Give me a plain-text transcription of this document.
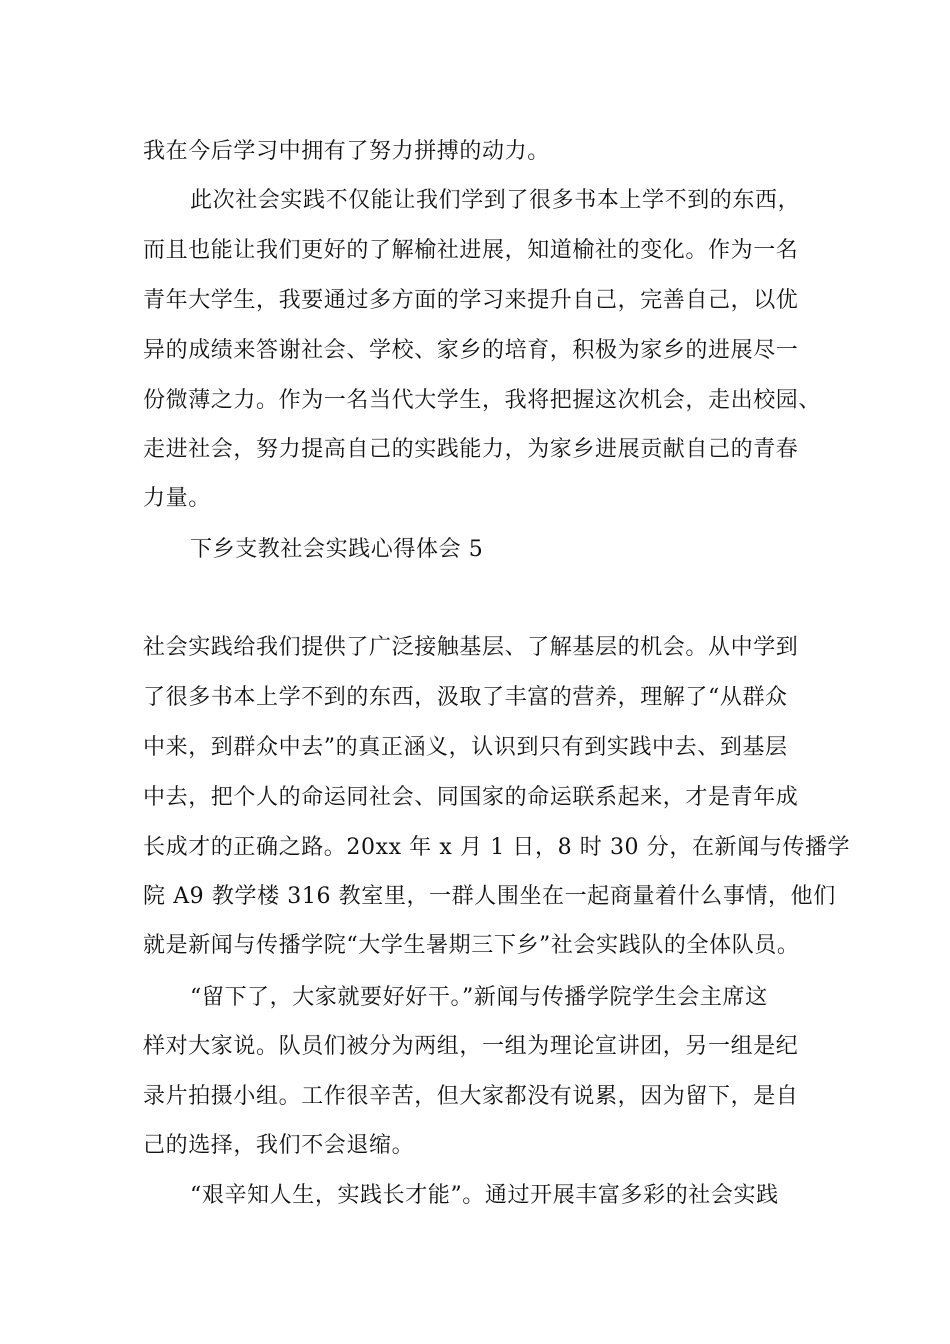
我在今后学习中拥有了努力拼搏的动力。
此次社会实践不仅能让我们学到了很多书本上学不到的东西，
而且也能让我们更好的了解榆社进展，知道榆社的变化。作为一名
青年大学生，我要通过多方面的学习来提升自己，完善自己，以优
异的成绩来答谢社会、学校、家乡的培育，积极为家乡的进展尽一
份微薄之力。作为一名当代大学生，我将把握这次机会，走出校园、
走进社会，努力提高自己的实践能力，为家乡进展贡献自己的青春
力量。
下乡支教社会实践心得体会 5
社会实践给我们提供了广泛接触基层、了解基层的机会。从中学到
了很多书本上学不到的东西，汲取了丰富的营养，理解了“从群众
中来，到群众中去”的真正涵义，认识到只有到实践中去、到基层
中去，把个人的命运同社会、同国家的命运联系起来，才是青年成
长成才的正确之路。20xx 年 x 月 1 日，8 时 30 分，在新闻与传播学
院 A9 教学楼 316 教室里，一群人围坐在一起商量着什么事情，他们
就是新闻与传播学院“大学生暑期三下乡”社会实践队的全体队员。
“留下了，大家就要好好干。”新闻与传播学院学生会主席这
样对大家说。队员们被分为两组，一组为理论宣讲团，另一组是纪
录片拍摄小组。工作很辛苦，但大家都没有说累，因为留下，是自
己的选择，我们不会退缩。
“艰辛知人生，实践长才能”。通过开展丰富多彩的社会实践
